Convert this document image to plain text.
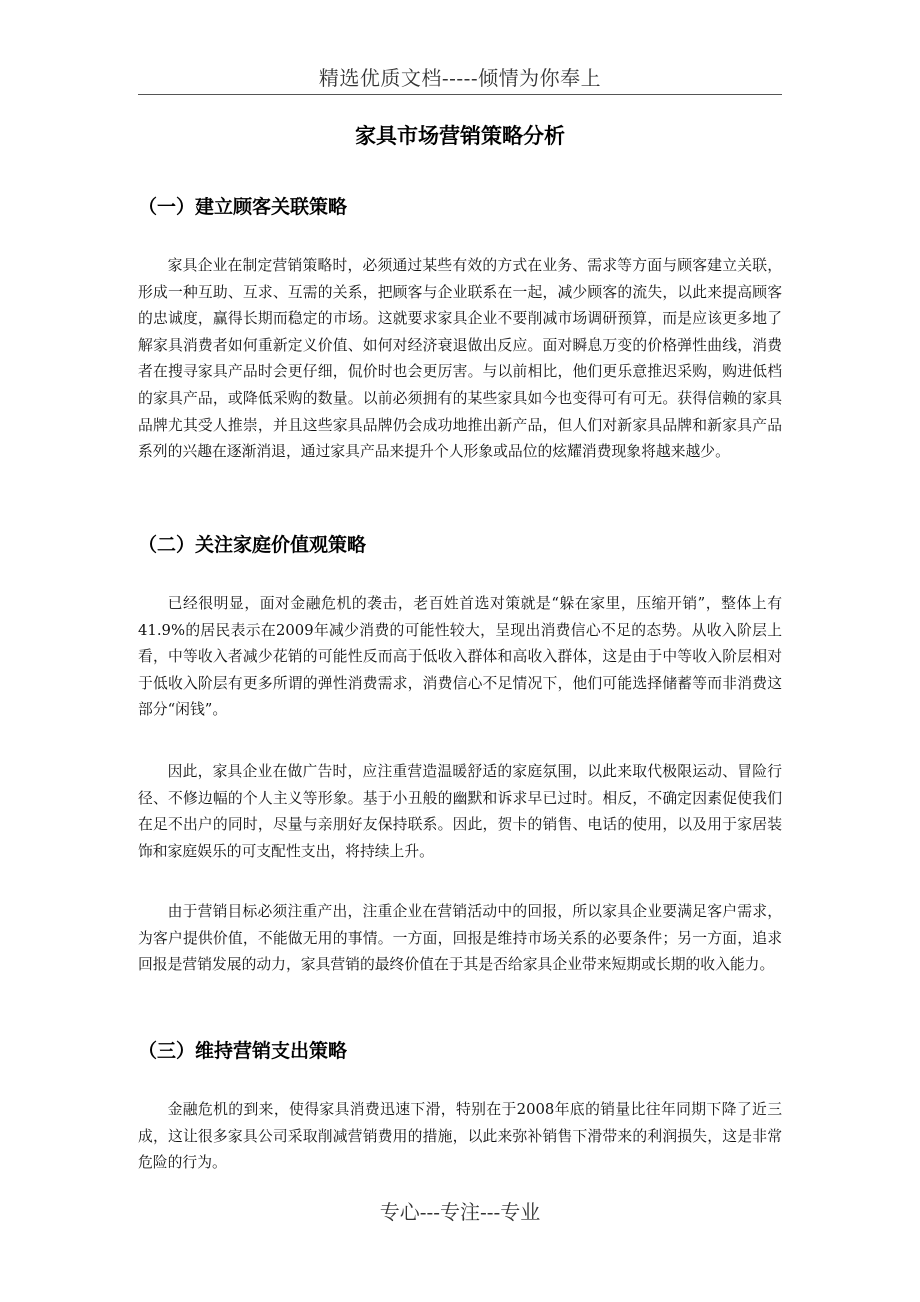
精选优质文档-----倾情为你奉上
家具市场营销策略分析
（一）建立顾客关联策略

家具企业在制定营销策略时，必须通过某些有效的方式在业务、需求等方面与顾客建立关联，形成一种互助、互求、互需的关系，把顾客与企业联系在一起，减少顾客的流失，以此来提高顾客的忠诚度，赢得长期而稳定的市场。这就要求家具企业不要削减市场调研预算，而是应该更多地了解家具消费者如何重新定义价值、如何对经济衰退做出反应。面对瞬息万变的价格弹性曲线，消费者在搜寻家具产品时会更仔细，侃价时也会更厉害。与以前相比，他们更乐意推迟采购，购进低档的家具产品，或降低采购的数量。以前必须拥有的某些家具如今也变得可有可无。获得信赖的家具品牌尤其受人推崇，并且这些家具品牌仍会成功地推出新产品，但人们对新家具品牌和新家具产品系列的兴趣在逐渐消退，通过家具产品来提升个人形象或品位的炫耀消费现象将越来越少。

（二）关注家庭价值观策略

已经很明显，面对金融危机的袭击，老百姓首选对策就是“躲在家里，压缩开销”，整体上有41.9%的居民表示在2009年减少消费的可能性较大，呈现出消费信心不足的态势。从收入阶层上看，中等收入者减少花销的可能性反而高于低收入群体和高收入群体，这是由于中等收入阶层相对于低收入阶层有更多所谓的弹性消费需求，消费信心不足情况下，他们可能选择储蓄等而非消费这部分“闲钱”。

因此，家具企业在做广告时，应注重营造温暖舒适的家庭氛围，以此来取代极限运动、冒险行径、不修边幅的个人主义等形象。基于小丑般的幽默和诉求早已过时。相反，不确定因素促使我们在足不出户的同时，尽量与亲朋好友保持联系。因此，贺卡的销售、电话的使用，以及用于家居装饰和家庭娱乐的可支配性支出，将持续上升。

由于营销目标必须注重产出，注重企业在营销活动中的回报，所以家具企业要满足客户需求，为客户提供价值，不能做无用的事情。一方面，回报是维持市场关系的必要条件；另一方面，追求回报是营销发展的动力，家具营销的最终价值在于其是否给家具企业带来短期或长期的收入能力。

（三）维持营销支出策略

金融危机的到来，使得家具消费迅速下滑，特别在于2008年底的销量比往年同期下降了近三成，这让很多家具公司采取削减营销费用的措施，以此来弥补销售下滑带来的利润损失，这是非常危险的行为。

专心---专注---专业
